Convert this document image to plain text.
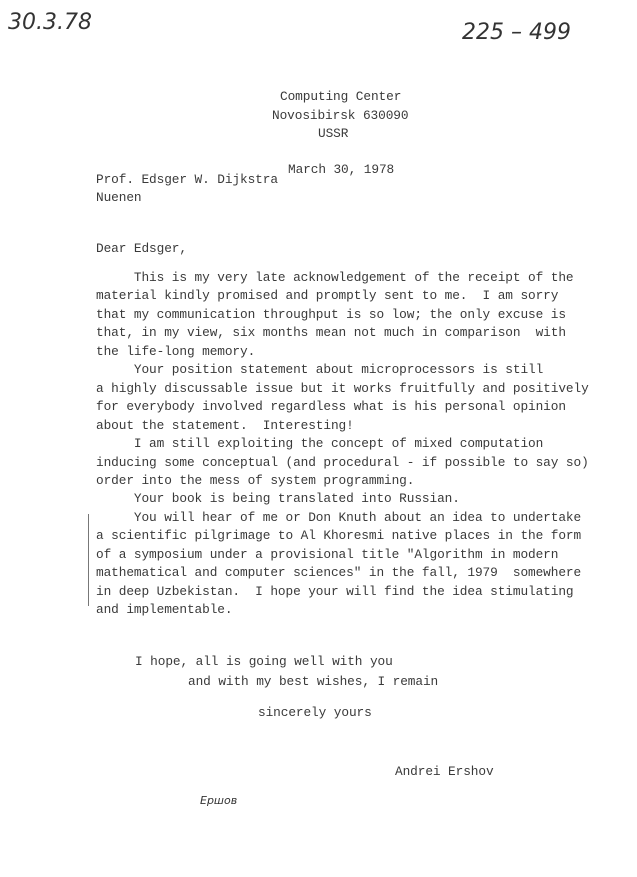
30.3.78	225 – 499
Computing Center
Novosibirsk 630090
USSR
March 30, 1978
Prof. Edsger W. Dijkstra
Nuenen
Dear Edsger,
This is my very late acknowledgement of the receipt of the
material kindly promised and promptly sent to me.  I am sorry
that my communication throughput is so low; the only excuse is
that, in my view, six months mean not much in comparison  with
the life-long memory.
Your position statement about microprocessors is still
a highly discussable issue but it works fruitfully and positively
for everybody involved regardless what is his personal opinion
about the statement.  Interesting!
I am still exploiting the concept of mixed computation
inducing some conceptual (and procedural - if possible to say so)
order into the mess of system programming.
Your book is being translated into Russian.
You will hear of me or Don Knuth about an idea to undertake
a scientific pilgrimage to Al Khoresmi native places in the form
of a symposium under a provisional title "Algorithm in modern
mathematical and computer sciences" in the fall, 1979  somewhere
in deep Uzbekistan.  I hope your will find the idea stimulating
and implementable.
I hope, all is going well with you
and with my best wishes, I remain
sincerely yours
Andrei Ershov
Ершов
